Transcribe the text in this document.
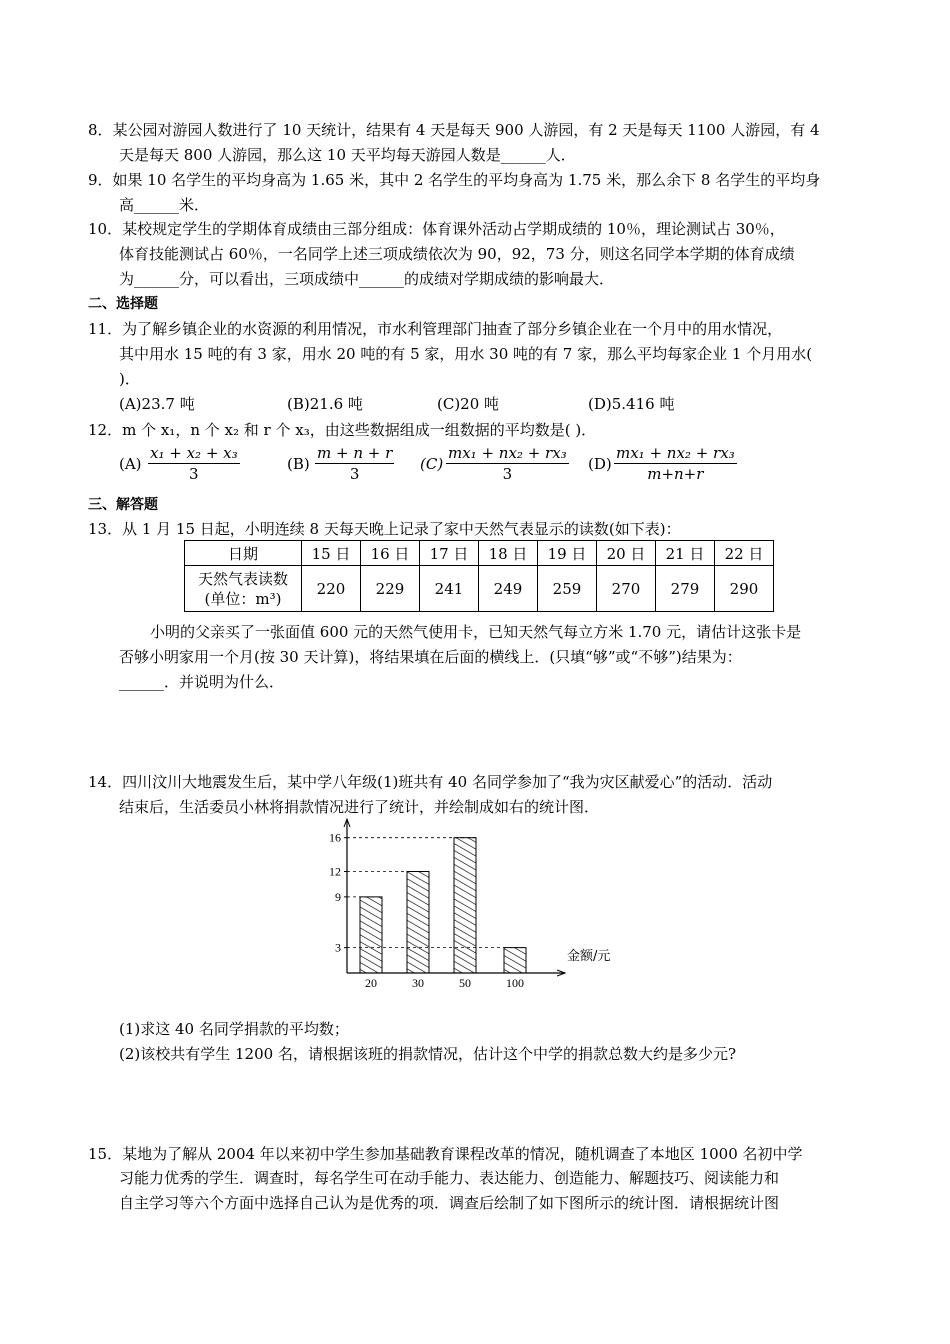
8．某公园对游园人数进行了 10 天统计，结果有 4 天是每天 900 人游园，有 2 天是每天 1100 人游园，有 4
天是每天 800 人游园，那么这 10 天平均每天游园人数是______人．
9．如果 10 名学生的平均身高为 1.65 米，其中 2 名学生的平均身高为 1.75 米，那么余下 8 名学生的平均身
高______米．
10．某校规定学生的学期体育成绩由三部分组成：体育课外活动占学期成绩的 10％，理论测试占 30％，
体育技能测试占 60％，一名同学上述三项成绩依次为 90，92，73 分，则这名同学本学期的体育成绩
为______分，可以看出，三项成绩中______的成绩对学期成绩的影响最大．
二、选择题
11．为了解乡镇企业的水资源的利用情况，市水利管理部门抽查了部分乡镇企业在一个月中的用水情况，
其中用水 15 吨的有 3 家，用水 20 吨的有 5 家，用水 30 吨的有 7 家，那么平均每家企业 1 个月用水(
)．
(A)23.7 吨	(B)21.6 吨	(C)20 吨	(D)5.416 吨
12．m 个 x₁，n 个 x₂ 和 r 个 x₃，由这些数据组成一组数据的平均数是( )．
$(A) \frac{\text{x₁ + x₂ + x₃}}{3}$	$(B) \frac{m + n + r}{3} (C) \frac{\text{mx₁ + nx₂ + rx₃}}{3} (D) \frac{\text{mx₁ + nx₂ + rx₃}}{m+n+r}$
三、解答题
13．从 1 月 15 日起，小明连续 8 天每天晚上记录了家中天然气表显示的读数(如下表)：
日期	15 日	16 日	17 日	18 日	19 日	20 日	21 日	22 日

天然气表读数
(单位：m³)	220	229	241	249	259	270	279	290
小明的父亲买了一张面值 600 元的天然气使用卡，已知天然气每立方米 1.70 元，请估计这张卡是
否够小明家用一个月(按 30 天计算)，将结果填在后面的横线上．(只填“够”或“不够”)结果为：
______．并说明为什么．
14．四川汶川大地震发生后，某中学八年级(1)班共有 40 名同学参加了“我为灾区献爱心”的活动．活动
结束后，生活委员小林将捐款情况进行了统计，并绘制成如右的统计图．
3
9
12
16
20	30	50	100
金额/元
(1)求这 40 名同学捐款的平均数；
(2)该校共有学生 1200 名，请根据该班的捐款情况，估计这个中学的捐款总数大约是多少元?
15．某地为了解从 2004 年以来初中学生参加基础教育课程改革的情况，随机调查了本地区 1000 名初中学
习能力优秀的学生．调查时，每名学生可在动手能力、表达能力、创造能力、解题技巧、阅读能力和
自主学习等六个方面中选择自己认为是优秀的项．调查后绘制了如下图所示的统计图．请根据统计图
